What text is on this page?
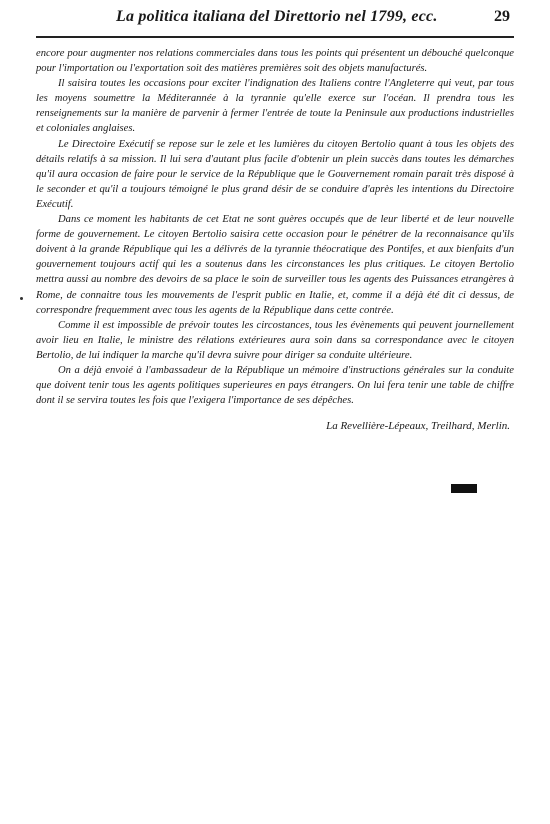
La politica italiana del Direttorio nel 1799, ecc.	29

encore pour augmenter nos relations commerciales dans tous les points qui présentent un débouché quelconque pour l'importation ou l'exportation soit des matières premières soit des objets manufacturés.

Il saisira toutes les occasions pour exciter l'indignation des Italiens contre l'Angleterre qui veut, par tous les moyens soumettre la Méditerannée à la tyrannie qu'elle exerce sur l'océan. Il prendra tous les renseignements sur la manière de parvenir à fermer l'entrée de toute la Peninsule aux productions industrielles et coloniales anglaises.

Le Directoire Exécutif se repose sur le zele et les lumières du citoyen Bertolio quant à tous les objets des détails relatifs à sa mission. Il lui sera d'autant plus facile d'obtenir un plein succès dans toutes les démarches qu'il aura occasion de faire pour le service de la République que le Gouvernement romain parait très disposé à le seconder et qu'il a toujours témoigné le plus grand désir de se conduire d'après les intentions du Directoire Exécutif.

Dans ce moment les habitants de cet Etat ne sont guères occupés que de leur liberté et de leur nouvelle forme de gouvernement. Le citoyen Bertolio saisira cette occasion pour le pénétrer de la reconnaisance qu'ils doivent à la grande République qui les a délivrés de la tyrannie théocratique des Pontifes, et aux bienfaits d'un gouvernement toujours actif qui les a soutenus dans les circonstances les plus critiques. Le citoyen Bertolio mettra aussi au nombre des devoirs de sa place le soin de surveiller tous les agents des Puissances etrangères à Rome, de connaitre tous les mouvements de l'esprit public en Italie, et, comme il a déjà été dit ci dessus, de correspondre frequemment avec tous les agents de la République dans cette contrée.

Comme il est impossible de prévoir toutes les circostances, tous les évènements qui peuvent journellement avoir lieu en Italie, le ministre des rélations extérieures aura soin dans sa correspondance avec le citoyen Bertolio, de lui indiquer la marche qu'il devra suivre pour diriger sa conduite ultérieure.

On a déjà envoié à l'ambassadeur de la République un mémoire d'instructions générales sur la conduite que doivent tenir tous les agents politiques superieures en pays étrangers. On lui fera tenir une table de chiffre dont il se servira toutes les fois que l'exigera l'importance de ses dépêches.

La Revellière-Lépeaux, Treilhard, Merlin.
